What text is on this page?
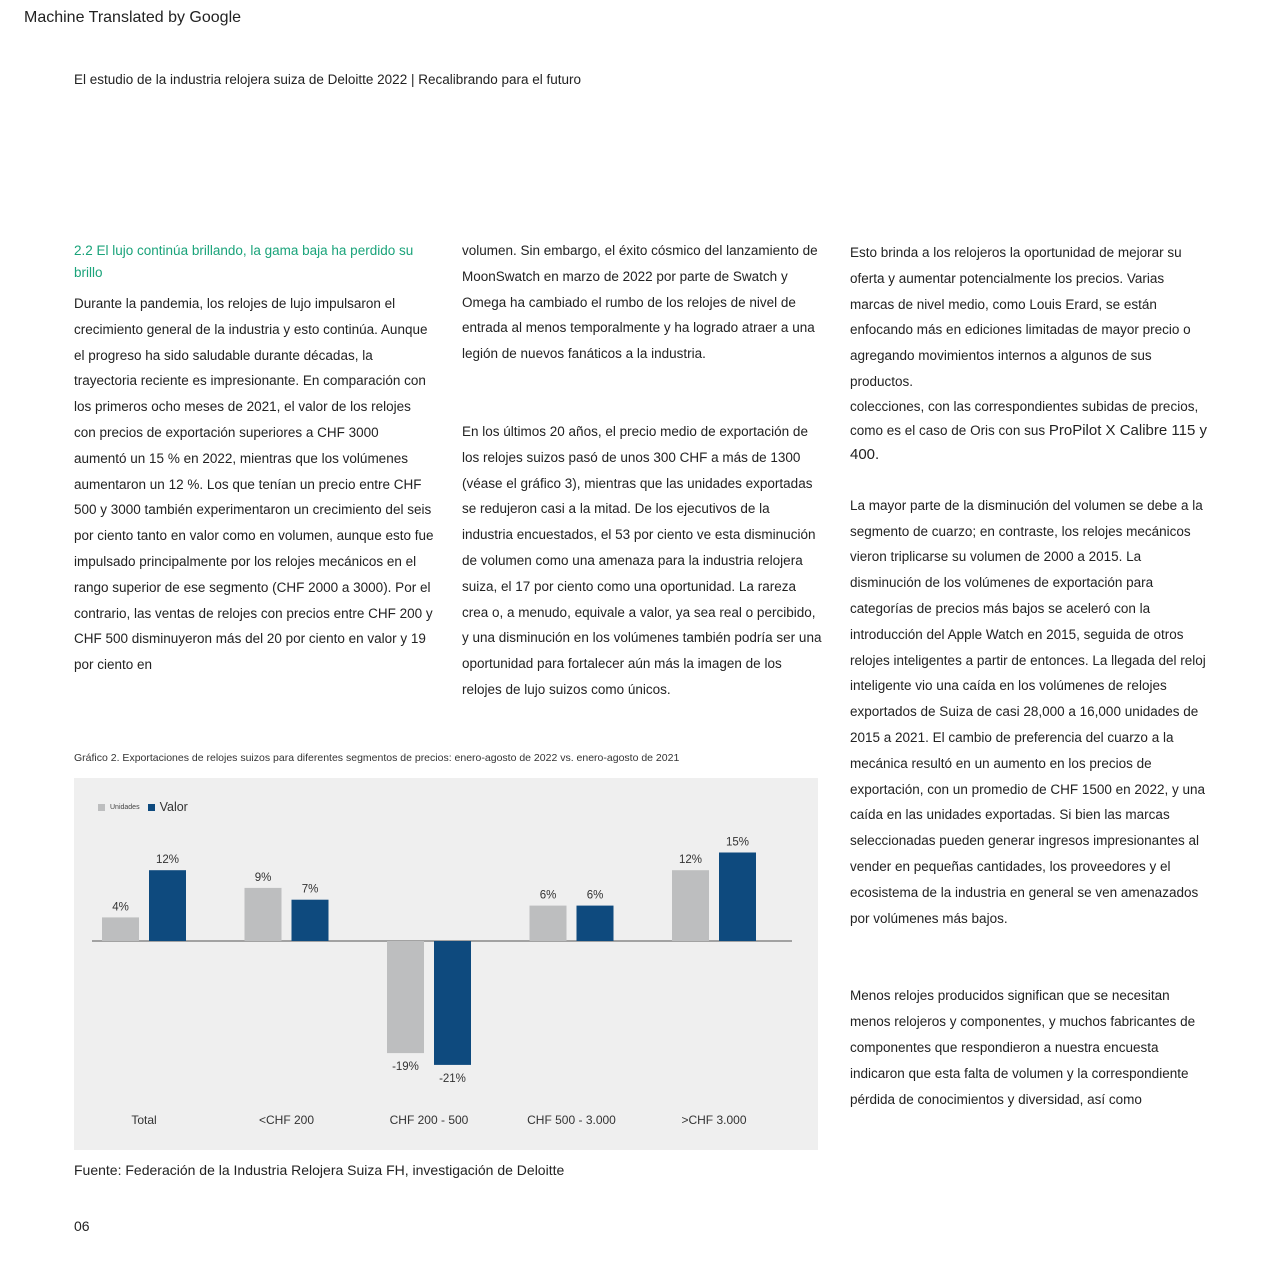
Machine Translated by Google
El estudio de la industria relojera suiza de Deloitte 2022 | Recalibrando para el futuro
2.2 El lujo continúa brillando, la gama baja ha perdido su brillo

Durante la pandemia, los relojes de lujo impulsaron el crecimiento general de la industria y esto continúa. Aunque el progreso ha sido saludable durante décadas, la trayectoria reciente es impresionante. En comparación con los primeros ocho meses de 2021, el valor de los relojes con precios de exportación superiores a CHF 3000 aumentó un 15 % en 2022, mientras que los volúmenes aumentaron un 12 %. Los que tenían un precio entre CHF 500 y 3000 también experimentaron un crecimiento del seis por ciento tanto en valor como en volumen, aunque esto fue impulsado principalmente por los relojes mecánicos en el rango superior de ese segmento (CHF 2000 a 3000). Por el contrario, las ventas de relojes con precios entre CHF 200 y CHF 500 disminuyeron más del 20 por ciento en valor y 19 por ciento en

volumen. Sin embargo, el éxito cósmico del lanzamiento de MoonSwatch en marzo de 2022 por parte de Swatch y Omega ha cambiado el rumbo de los relojes de nivel de entrada al menos temporalmente y ha logrado atraer a una legión de nuevos fanáticos a la industria.

En los últimos 20 años, el precio medio de exportación de los relojes suizos pasó de unos 300 CHF a más de 1300 (véase el gráfico 3), mientras que las unidades exportadas se redujeron casi a la mitad. De los ejecutivos de la industria encuestados, el 53 por ciento ve esta disminución de volumen como una amenaza para la industria relojera suiza, el 17 por ciento como una oportunidad. La rareza crea o, a menudo, equivale a valor, ya sea real o percibido, y una disminución en los volúmenes también podría ser una oportunidad para fortalecer aún más la imagen de los relojes de lujo suizos como únicos.

Esto brinda a los relojeros la oportunidad de mejorar su oferta y aumentar potencialmente los precios. Varias marcas de nivel medio, como Louis Erard, se están enfocando más en ediciones limitadas de mayor precio o agregando movimientos internos a algunos de sus productos.

colecciones, con las correspondientes subidas de precios, como es el caso de Oris con sus ProPilot X Calibre 115 y 400.

La mayor parte de la disminución del volumen se debe a la segmento de cuarzo; en contraste, los relojes mecánicos vieron triplicarse su volumen de 2000 a 2015. La disminución de los volúmenes de exportación para categorías de precios más bajos se aceleró con la introducción del Apple Watch en 2015, seguida de otros relojes inteligentes a partir de entonces. La llegada del reloj inteligente vio una caída en los volúmenes de relojes exportados de Suiza de casi 28,000 a 16,000 unidades de 2015 a 2021. El cambio de preferencia del cuarzo a la mecánica resultó en un aumento en los precios de exportación, con un promedio de CHF 1500 en 2022, y una caída en las unidades exportadas. Si bien las marcas seleccionadas pueden generar ingresos impresionantes al vender en pequeñas cantidades, los proveedores y el ecosistema de la industria en general se ven amenazados por volúmenes más bajos.

Menos relojes producidos significan que se necesitan menos relojeros y componentes, y muchos fabricantes de componentes que respondieron a nuestra encuesta indicaron que esta falta de volumen y la correspondiente pérdida de conocimientos y diversidad, así como

Gráfico 2. Exportaciones de relojes suizos para diferentes segmentos de precios: enero-agosto de 2022 vs. enero-agosto de 2021
Unidades Valor
4%
12%
Total
9%
7%
<CHF 200
-19%
-21%
CHF 200 - 500
6%	6%
CHF 500 - 3.000
12%
15%
>CHF 3.000
Fuente: Federación de la Industria Relojera Suiza FH, investigación de Deloitte
06
